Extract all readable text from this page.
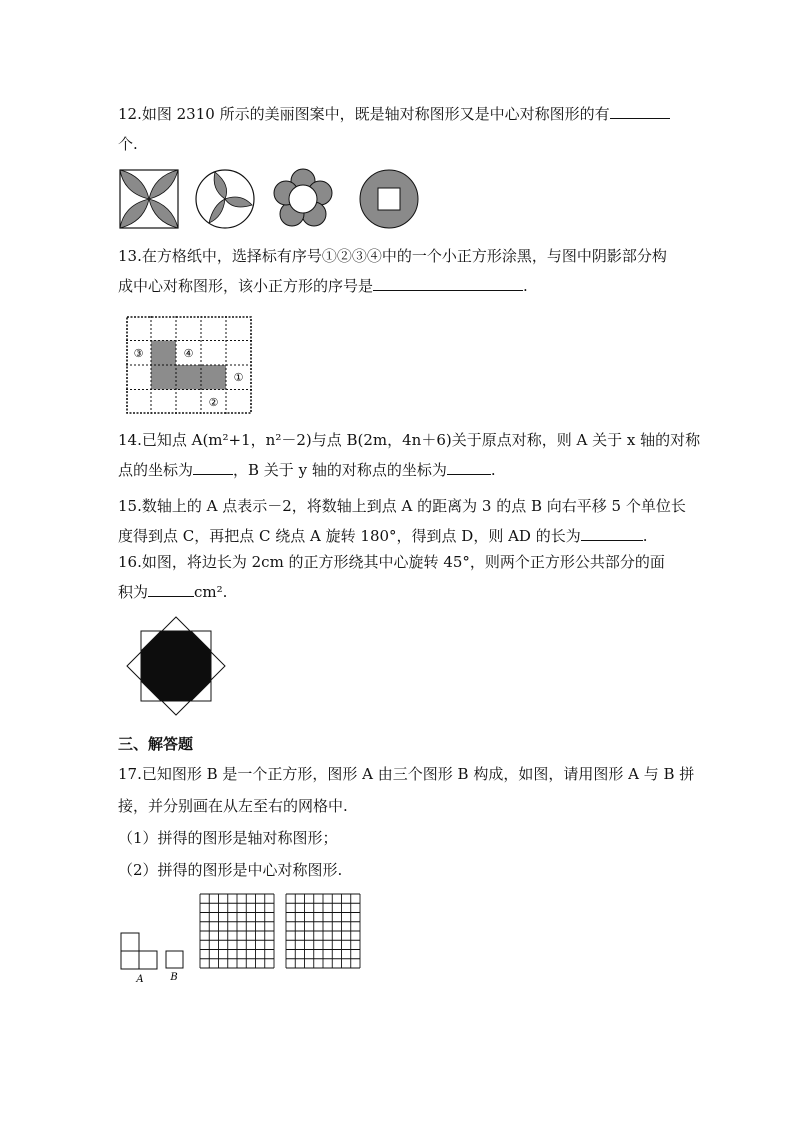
12.如图 2310 所示的美丽图案中，既是轴对称图形又是中心对称图形的有
个.
13.在方格纸中，选择标有序号①②③④中的一个小正方形涂黑，与图中阴影部分构
成中心对称图形，该小正方形的序号是	.
③	④
①
②
14.已知点 A(m²+1，n²－2)与点 B(2m，4n＋6)关于原点对称，则 A 关于 x 轴的对称
点的坐标为	，B 关于 y 轴的对称点的坐标为	.
15.数轴上的 A 点表示－2，将数轴上到点 A 的距离为 3 的点 B 向右平移 5 个单位长
度得到点 C，再把点 C 绕点 A 旋转 180°，得到点 D，则 AD 的长为	.
16.如图，将边长为 2cm 的正方形绕其中心旋转 45°，则两个正方形公共部分的面
积为	cm².
三、解答题
17.已知图形 B 是一个正方形，图形 A 由三个图形 B 构成，如图，请用图形 A 与 B 拼
接，并分别画在从左至右的网格中.
（1）拼得的图形是轴对称图形；
（2）拼得的图形是中心对称图形.
A	B
